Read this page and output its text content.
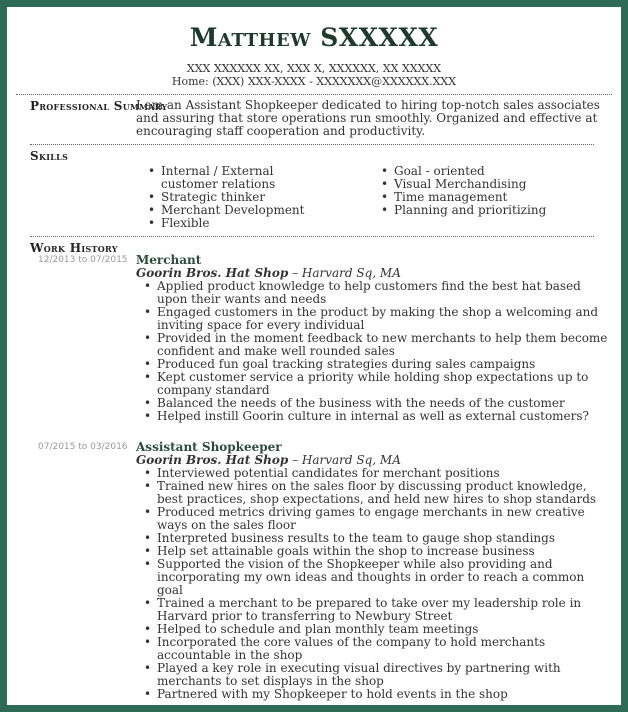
Matthew SXXXXX
XXX XXXXXX XX, XXX X, XXXXXX, XX XXXXX
Home: (XXX) XXX-XXXX - XXXXXXX@XXXXXX.XXX
Professional Summary
I am an Assistant Shopkeeper dedicated to hiring top-notch sales associates and assuring that store operations run smoothly. Organized and effective at encouraging staff cooperation and productivity.
Skills
• Internal / External customer relations
• Strategic thinker
• Merchant Development
• Flexible
• Goal - oriented
• Visual Merchandising
• Time management
• Planning and prioritizing
Work History
12/2013 to 07/2015 Merchant
Goorin Bros. Hat Shop – Harvard Sq, MA
• Applied product knowledge to help customers find the best hat based upon their wants and needs
• Engaged customers in the product by making the shop a welcoming and inviting space for every individual
• Provided in the moment feedback to new merchants to help them become confident and make well rounded sales
• Produced fun goal tracking strategies during sales campaigns
• Kept customer service a priority while holding shop expectations up to company standard
• Balanced the needs of the business with the needs of the customer
• Helped instill Goorin culture in internal as well as external customers?
07/2015 to 03/2016 Assistant Shopkeeper
Goorin Bros. Hat Shop – Harvard Sq, MA
• Interviewed potential candidates for merchant positions
• Trained new hires on the sales floor by discussing product knowledge, best practices, shop expectations, and held new hires to shop standards
• Produced metrics driving games to engage merchants in new creative ways on the sales floor
• Interpreted business results to the team to gauge shop standings
• Help set attainable goals within the shop to increase business
• Supported the vision of the Shopkeeper while also providing and incorporating my own ideas and thoughts in order to reach a common goal
• Trained a merchant to be prepared to take over my leadership role in Harvard prior to transferring to Newbury Street
• Helped to schedule and plan monthly team meetings
• Incorporated the core values of the company to hold merchants accountable in the shop
• Played a key role in executing visual directives by partnering with merchants to set displays in the shop
• Partnered with my Shopkeeper to hold events in the shop
